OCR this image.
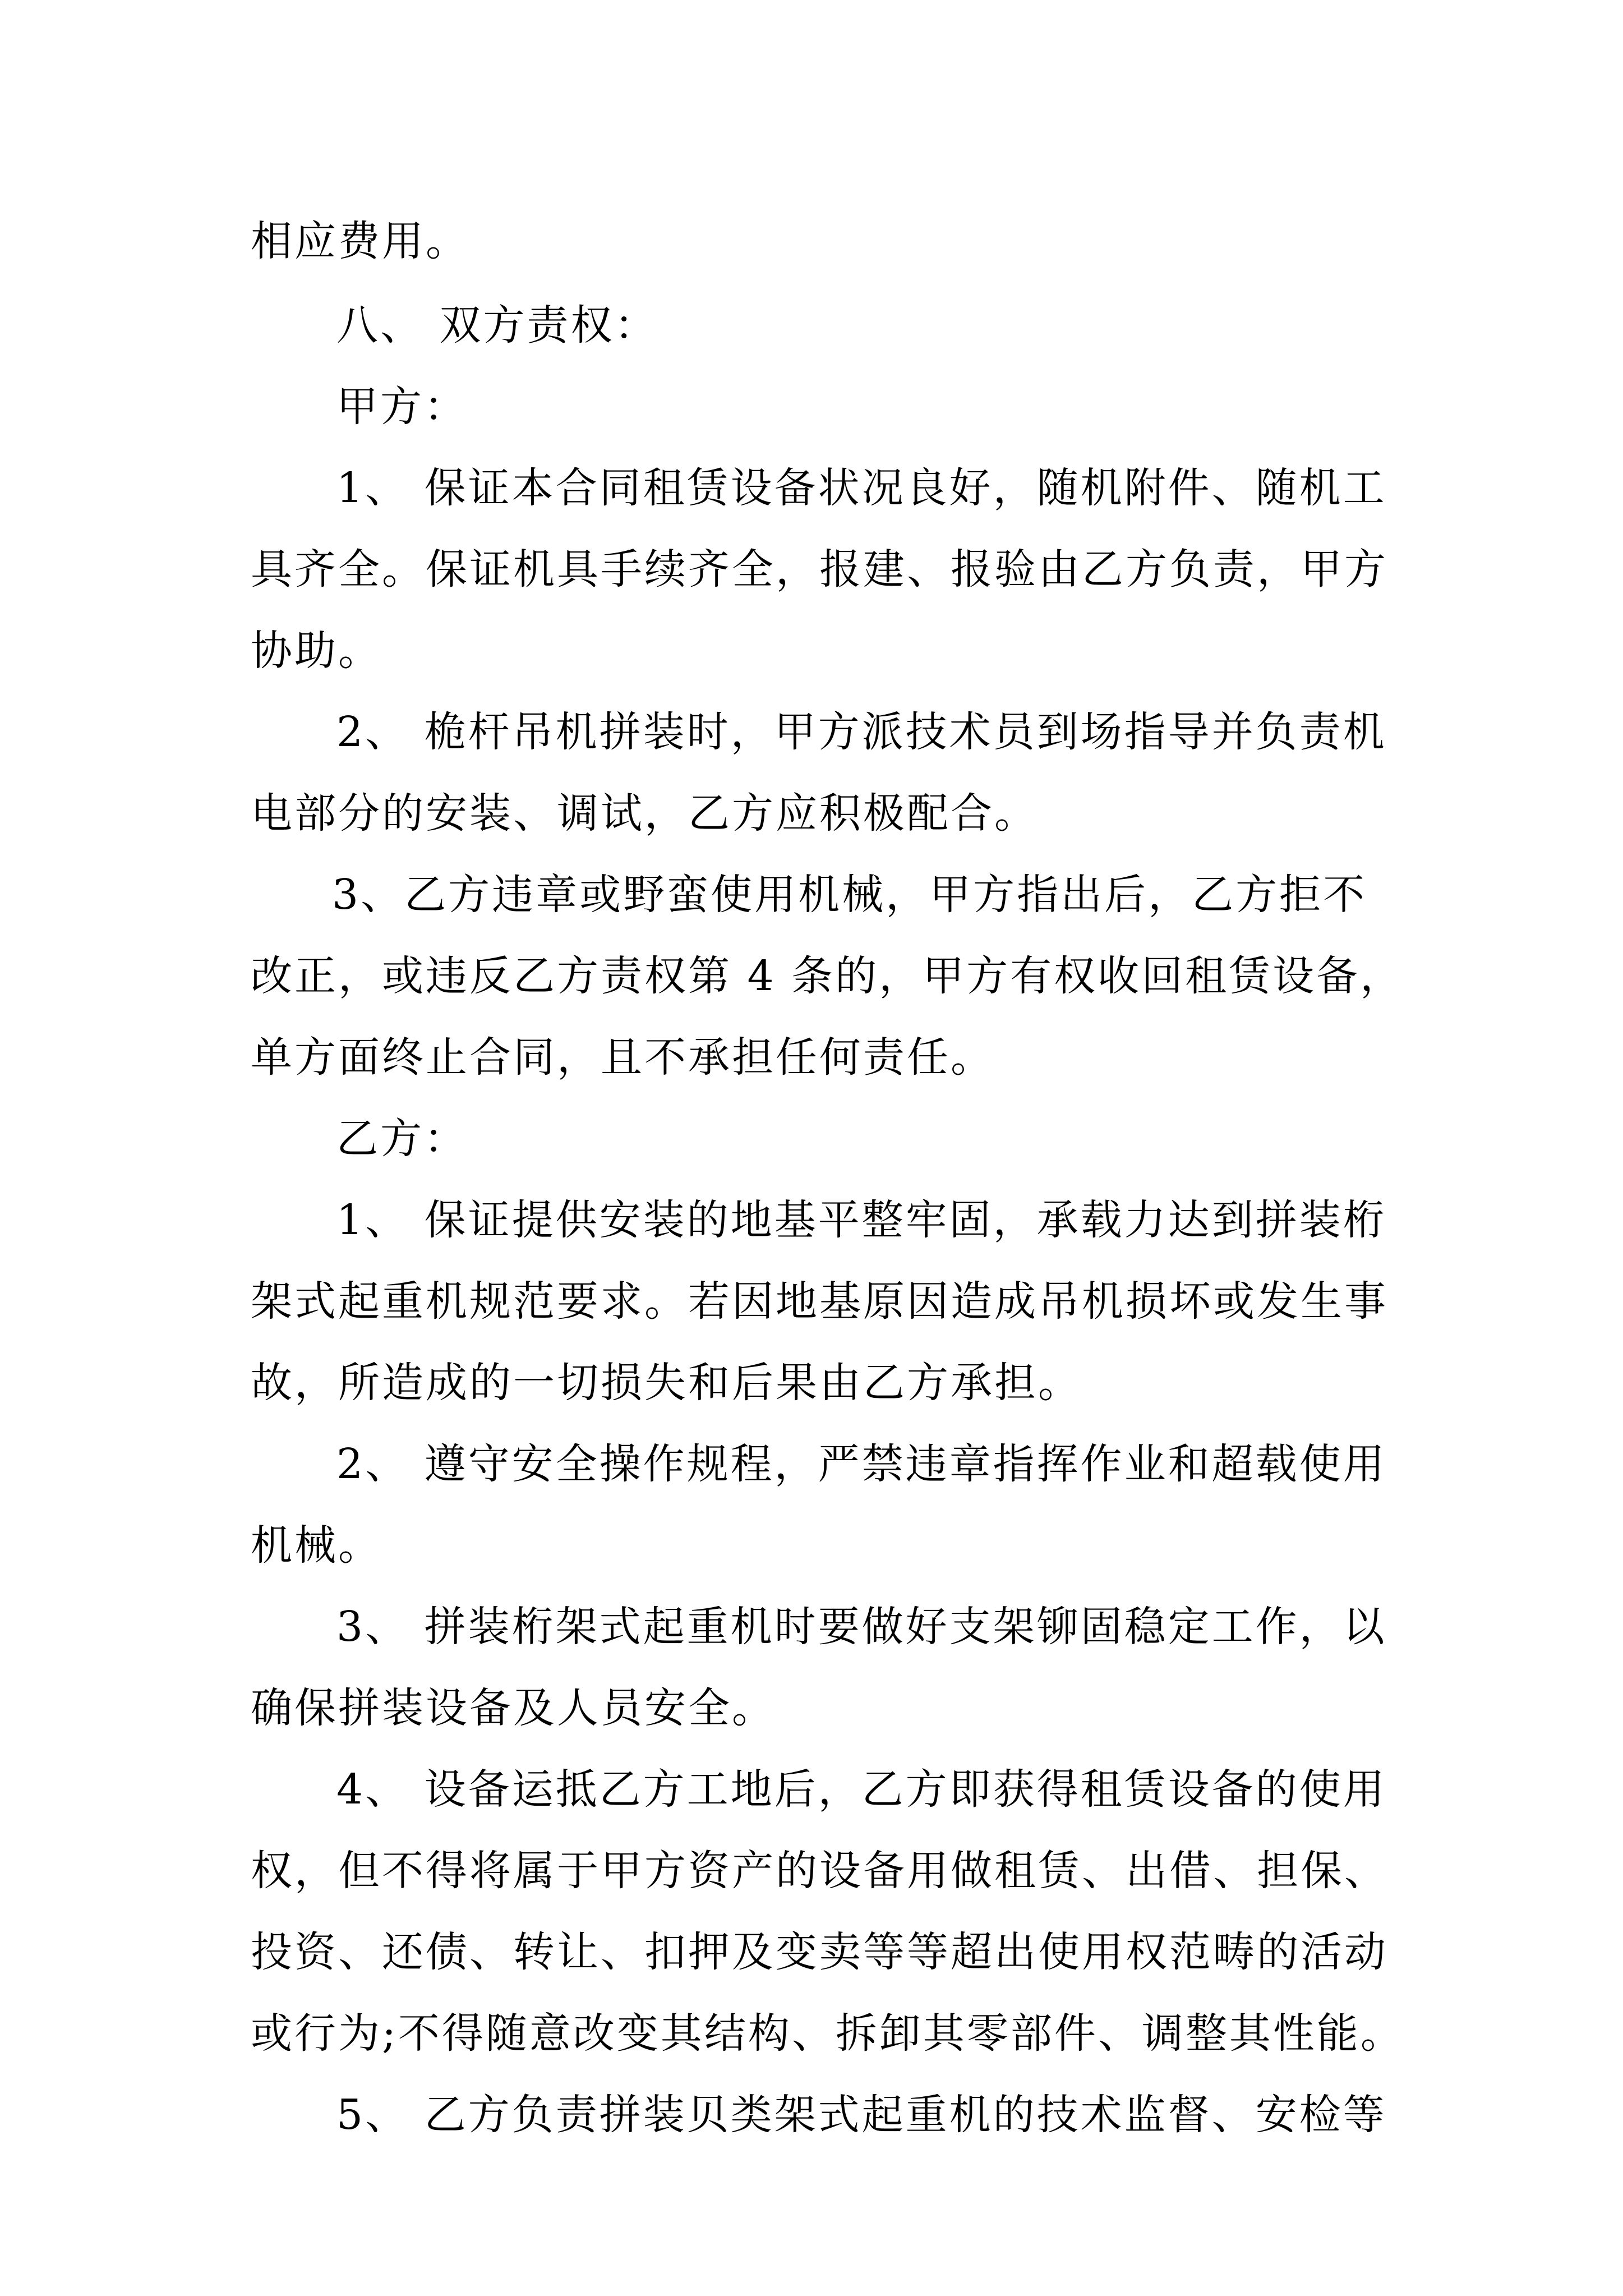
相应费用。
八、 双方责权：
甲方：
1、 保证本合同租赁设备状况良好，随机附件、随机工
具齐全。保证机具手续齐全，报建、报验由乙方负责，甲方
协助。
2、 桅杆吊机拼装时，甲方派技术员到场指导并负责机
电部分的安装、调试，乙方应积极配合。
3、乙方违章或野蛮使用机械，甲方指出后，乙方拒不
改正，或违反乙方责权第 4 条的，甲方有权收回租赁设备，
单方面终止合同，且不承担任何责任。
乙方：
1、 保证提供安装的地基平整牢固，承载力达到拼装桁
架式起重机规范要求。若因地基原因造成吊机损坏或发生事
故，所造成的一切损失和后果由乙方承担。
2、 遵守安全操作规程，严禁违章指挥作业和超载使用
机械。
3、 拼装桁架式起重机时要做好支架铆固稳定工作，以
确保拼装设备及人员安全。
4、 设备运抵乙方工地后，乙方即获得租赁设备的使用
权，但不得将属于甲方资产的设备用做租赁、出借、担保、
投资、还债、转让、扣押及变卖等等超出使用权范畴的活动
或行为;不得随意改变其结构、拆卸其零部件、调整其性能。
5、 乙方负责拼装贝类架式起重机的技术监督、安检等
